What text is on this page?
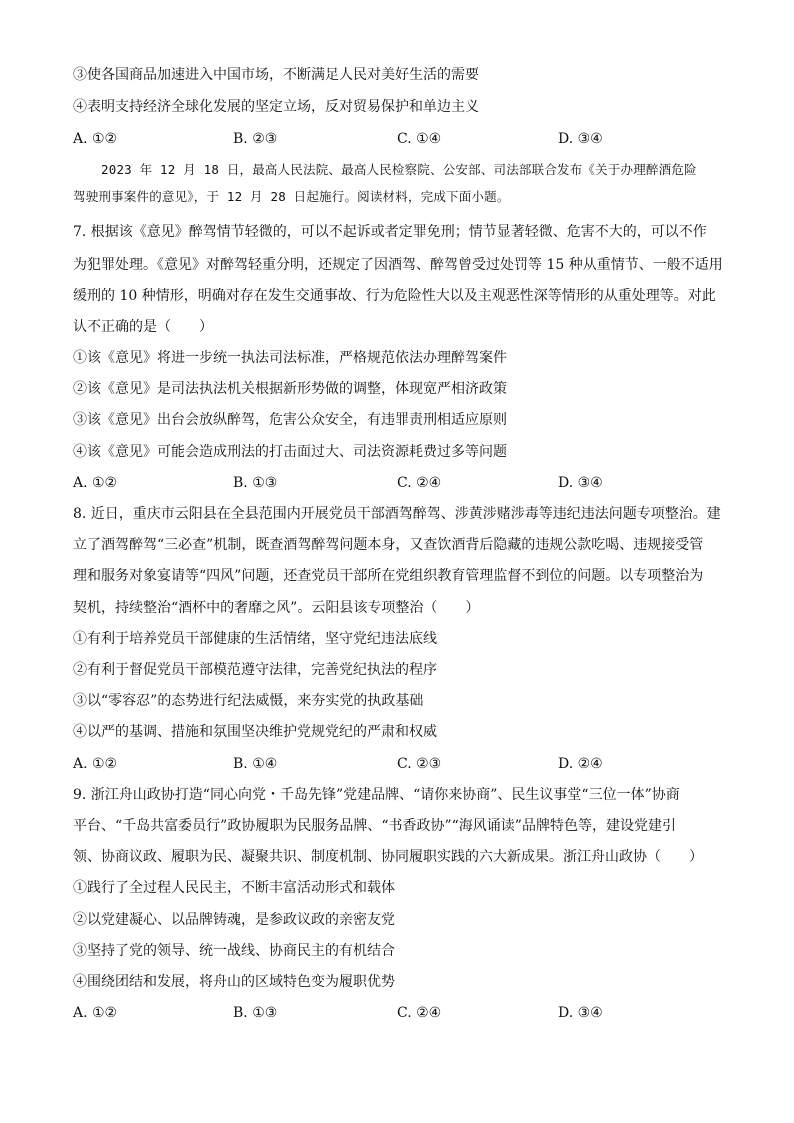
③使各国商品加速进入中国市场，不断满足人民对美好生活的需要
④表明支持经济全球化发展的坚定立场，反对贸易保护和单边主义
A. ①②	B. ②③	C. ①④	D. ③④
2023 年 12 月 18 日，最高人民法院、最高人民检察院、公安部、司法部联合发布《关于办理醉酒危险
驾驶刑事案件的意见》，于 12 月 28 日起施行。阅读材料，完成下面小题。
7. 根据该《意见》醉驾情节轻微的，可以不起诉或者定罪免刑；情节显著轻微、危害不大的，可以不作
为犯罪处理。《意见》对醉驾轻重分明，还规定了因酒驾、醉驾曾受过处罚等 15 种从重情节、一般不适用
缓刑的 10 种情形，明确对存在发生交通事故、行为危险性大以及主观恶性深等情形的从重处理等。对此
认不正确的是（　　）
①该《意见》将进一步统一执法司法标准，严格规范依法办理醉驾案件
②该《意见》是司法执法机关根据新形势做的调整，体现宽严相济政策
③该《意见》出台会放纵醉驾，危害公众安全，有违罪责刑相适应原则
④该《意见》可能会造成刑法的打击面过大、司法资源耗费过多等问题
A. ①②	B. ①③	C. ②④	D. ③④
8. 近日，重庆市云阳县在全县范围内开展党员干部酒驾醉驾、涉黄涉赌涉毒等违纪违法问题专项整治。建
立了酒驾醉驾“三必查”机制，既查酒驾醉驾问题本身，又查饮酒背后隐藏的违规公款吃喝、违规接受管
理和服务对象宴请等“四风”问题，还查党员干部所在党组织教育管理监督不到位的问题。以专项整治为
契机，持续整治“酒杯中的奢靡之风”。云阳县该专项整治（　　）
①有利于培养党员干部健康的生活情绪，坚守党纪违法底线
②有利于督促党员干部模范遵守法律，完善党纪执法的程序
③以“零容忍”的态势进行纪法威慑，来夯实党的执政基础
④以严的基调、措施和氛围坚决维护党规党纪的严肃和权威
A. ①②	B. ①④	C. ②③	D. ②④
9. 浙江舟山政协打造“同心向党・千岛先锋”党建品牌、“请你来协商”、民生议事堂“三位一体”协商
平台、“千岛共富委员行”政协履职为民服务品牌、“书香政协”“海风诵读”品牌特色等，建设党建引
领、协商议政、履职为民、凝聚共识、制度机制、协同履职实践的六大新成果。浙江舟山政协（　　）
①践行了全过程人民民主，不断丰富活动形式和载体
②以党建凝心、以品牌铸魂，是参政议政的亲密友党
③坚持了党的领导、统一战线、协商民主的有机结合
④围绕团结和发展，将舟山的区域特色变为履职优势
A. ①②	B. ①③	C. ②④	D. ③④
